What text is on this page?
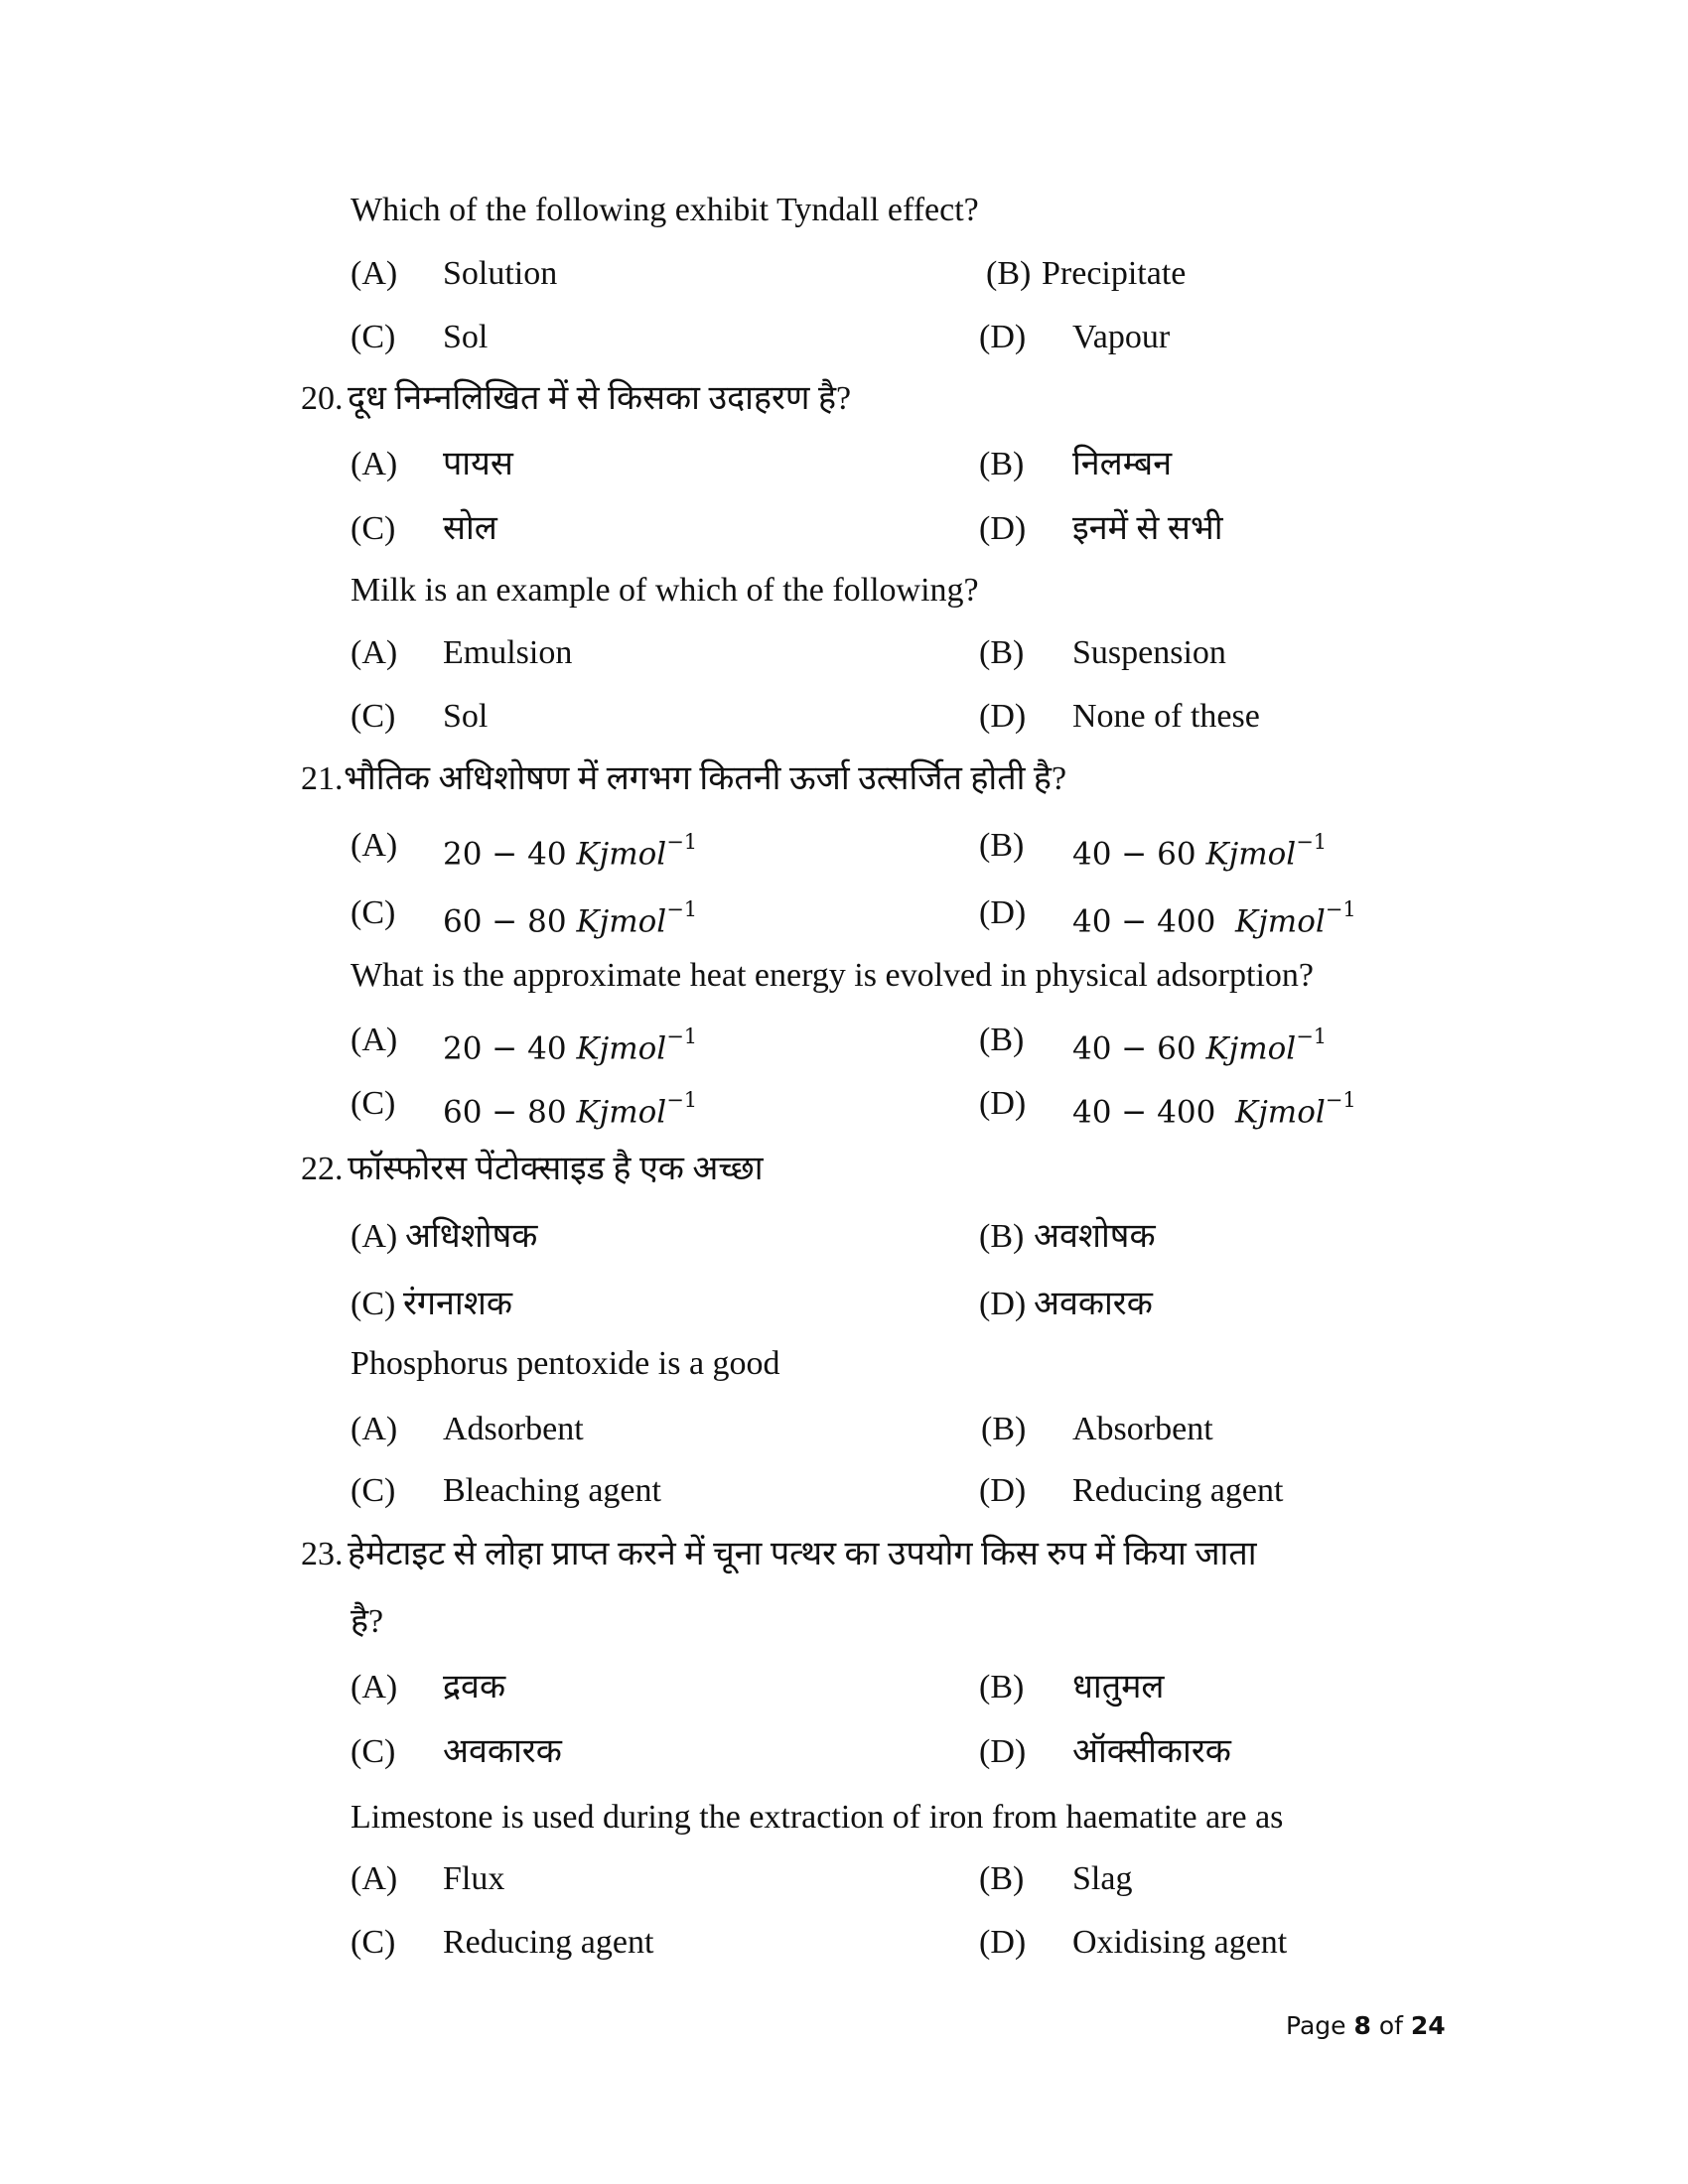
Which of the following exhibit Tyndall effect?
(A) Solution	(B) Precipitate
(C) Sol	(D) Vapour
20. दूध निम्नलिखित में से किसका उदाहरण है?
(A) पायस	(B) निलम्बन
(C) सोल	(D) इनमें से सभी
Milk is an example of which of the following?
(A) Emulsion	(B) Suspension
(C) Sol	(D) None of these
21. भौतिक अधिशोषण में लगभग कितनी ऊर्जा उत्सर्जित होती है?
(A) 20 − 40 Kjmol$^{-1}$	(B) 40 − 60 Kjmol$^{-1}$
(C) 60 − 80 Kjmol$^{-1}$	(D) 40 − 400 Kjmol$^{-1}$
What is the approximate heat energy is evolved in physical adsorption?
(A) 20 − 40 Kjmol$^{-1}$	(B) 40 − 60 Kjmol$^{-1}$
(C) 60 − 80 Kjmol$^{-1}$	(D) 40 − 400 Kjmol$^{-1}$
22. फॉस्फोरस पेंटोक्साइड है एक अच्छा
(A) अधिशोषक	(B) अवशोषक
(C) रंगनाशक	(D) अवकारक
Phosphorus pentoxide is a good
(A) Adsorbent	(B) Absorbent
(C) Bleaching agent	(D) Reducing agent
23. हेमेटाइट से लोहा प्राप्त करने में चूना पत्थर का उपयोग किस रुप में किया जाता
है?
(A) द्रवक	(B) धातुमल
(C) अवकारक	(D) ऑक्सीकारक
Limestone is used during the extraction of iron from haematite are as
(A) Flux	(B) Slag
(C) Reducing agent	(D) Oxidising agent
Page 8 of 24
